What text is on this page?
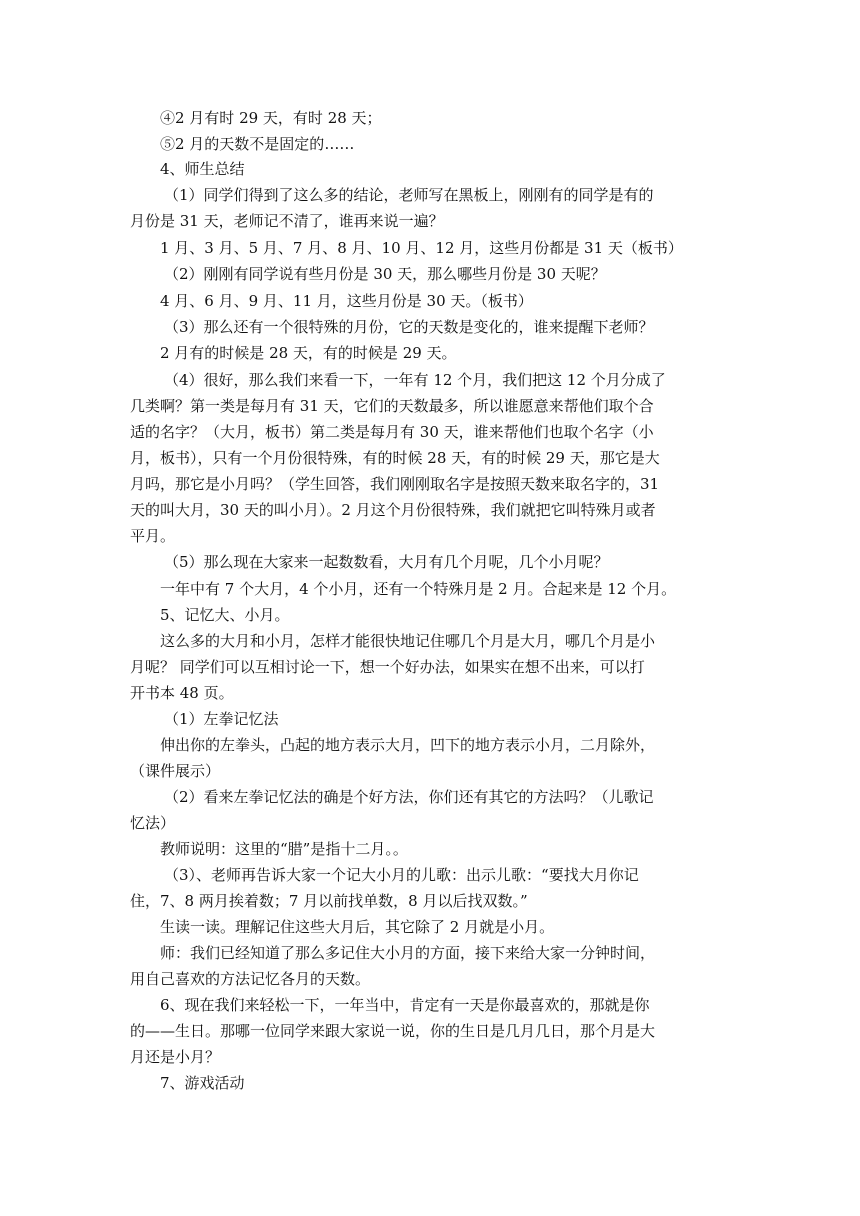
④2 月有时 29 天，有时 28 天；

⑤2 月的天数不是固定的……

4、师生总结

（1）同学们得到了这么多的结论，老师写在黑板上，刚刚有的同学是有的

月份是 31 天，老师记不清了，谁再来说一遍？

1 月、3 月、5 月、7 月、8 月、10 月、12 月，这些月份都是 31 天（板书）

（2）刚刚有同学说有些月份是 30 天，那么哪些月份是 30 天呢？

4 月、6 月、9 月、11 月，这些月份是 30 天。（板书）

（3）那么还有一个很特殊的月份，它的天数是变化的，谁来提醒下老师？

2 月有的时候是 28 天，有的时候是 29 天。

（4）很好，那么我们来看一下，一年有 12 个月，我们把这 12 个月分成了

几类啊？第一类是每月有 31 天，它们的天数最多，所以谁愿意来帮他们取个合

适的名字？（大月，板书）第二类是每月有 30 天，谁来帮他们也取个名字（小

月，板书），只有一个月份很特殊，有的时候 28 天，有的时候 29 天，那它是大

月吗，那它是小月吗？（学生回答，我们刚刚取名字是按照天数来取名字的，31

天的叫大月，30 天的叫小月）。2 月这个月份很特殊，我们就把它叫特殊月或者

平月。

（5）那么现在大家来一起数数看，大月有几个月呢，几个小月呢？

一年中有 7 个大月，4 个小月，还有一个特殊月是 2 月。合起来是 12 个月。

5、记忆大、小月。

这么多的大月和小月，怎样才能很快地记住哪几个月是大月，哪几个月是小

月呢？ 同学们可以互相讨论一下，想一个好办法，如果实在想不出来，可以打

开书本 48 页。

（1）左拳记忆法

伸出你的左拳头，凸起的地方表示大月，凹下的地方表示小月，二月除外，

（课件展示）

（2）看来左拳记忆法的确是个好方法，你们还有其它的方法吗？（儿歌记

忆法）

教师说明：这里的“腊”是指十二月。。

（3）、老师再告诉大家一个记大小月的儿歌：出示儿歌：“要找大月你记

住，7、8 两月挨着数；7 月以前找单数，8 月以后找双数。”

生读一读。理解记住这些大月后，其它除了 2 月就是小月。

师：我们已经知道了那么多记住大小月的方面，接下来给大家一分钟时间，

用自己喜欢的方法记忆各月的天数。

6、现在我们来轻松一下，一年当中，肯定有一天是你最喜欢的，那就是你

的——生日。那哪一位同学来跟大家说一说，你的生日是几月几日，那个月是大

月还是小月？

7、游戏活动
